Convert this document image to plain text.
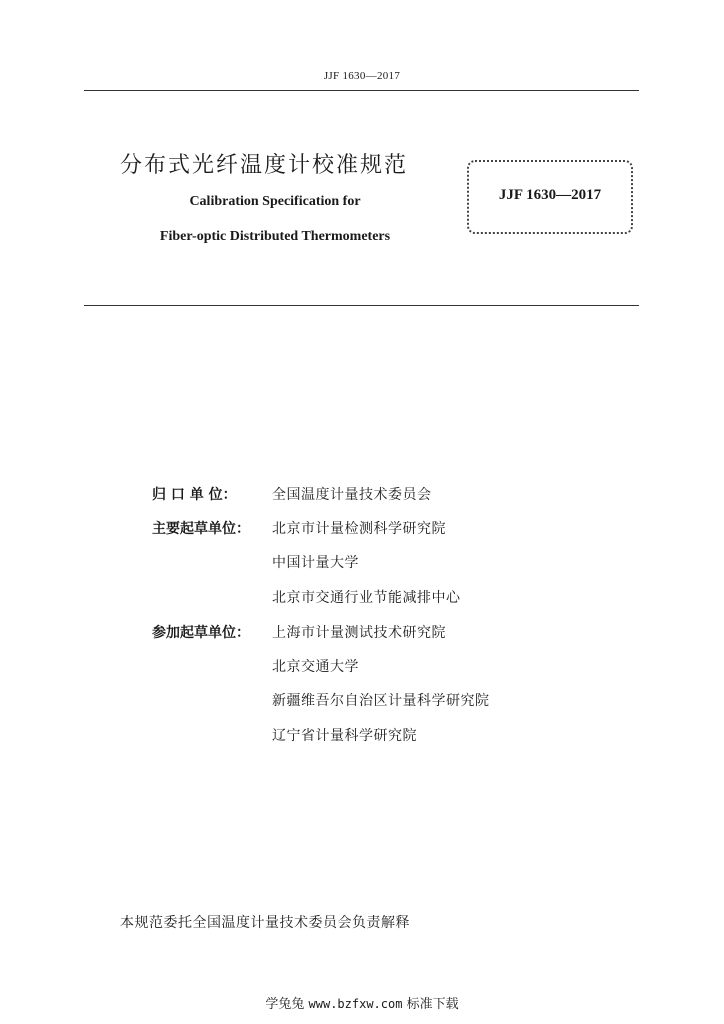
JJF 1630—2017
分布式光纤温度计校准规范
Calibration Specification for
Fiber-optic Distributed Thermometers
JJF 1630—2017
归 口 单 位：	全国温度计量技术委员会
主要起草单位：	北京市计量检测科学研究院
中国计量大学
北京市交通行业节能减排中心
参加起草单位：	上海市计量测试技术研究院
北京交通大学
新疆维吾尔自治区计量科学研究院
辽宁省计量科学研究院
本规范委托全国温度计量技术委员会负责解释
学兔兔 www.bzfxw.com 标准下载
